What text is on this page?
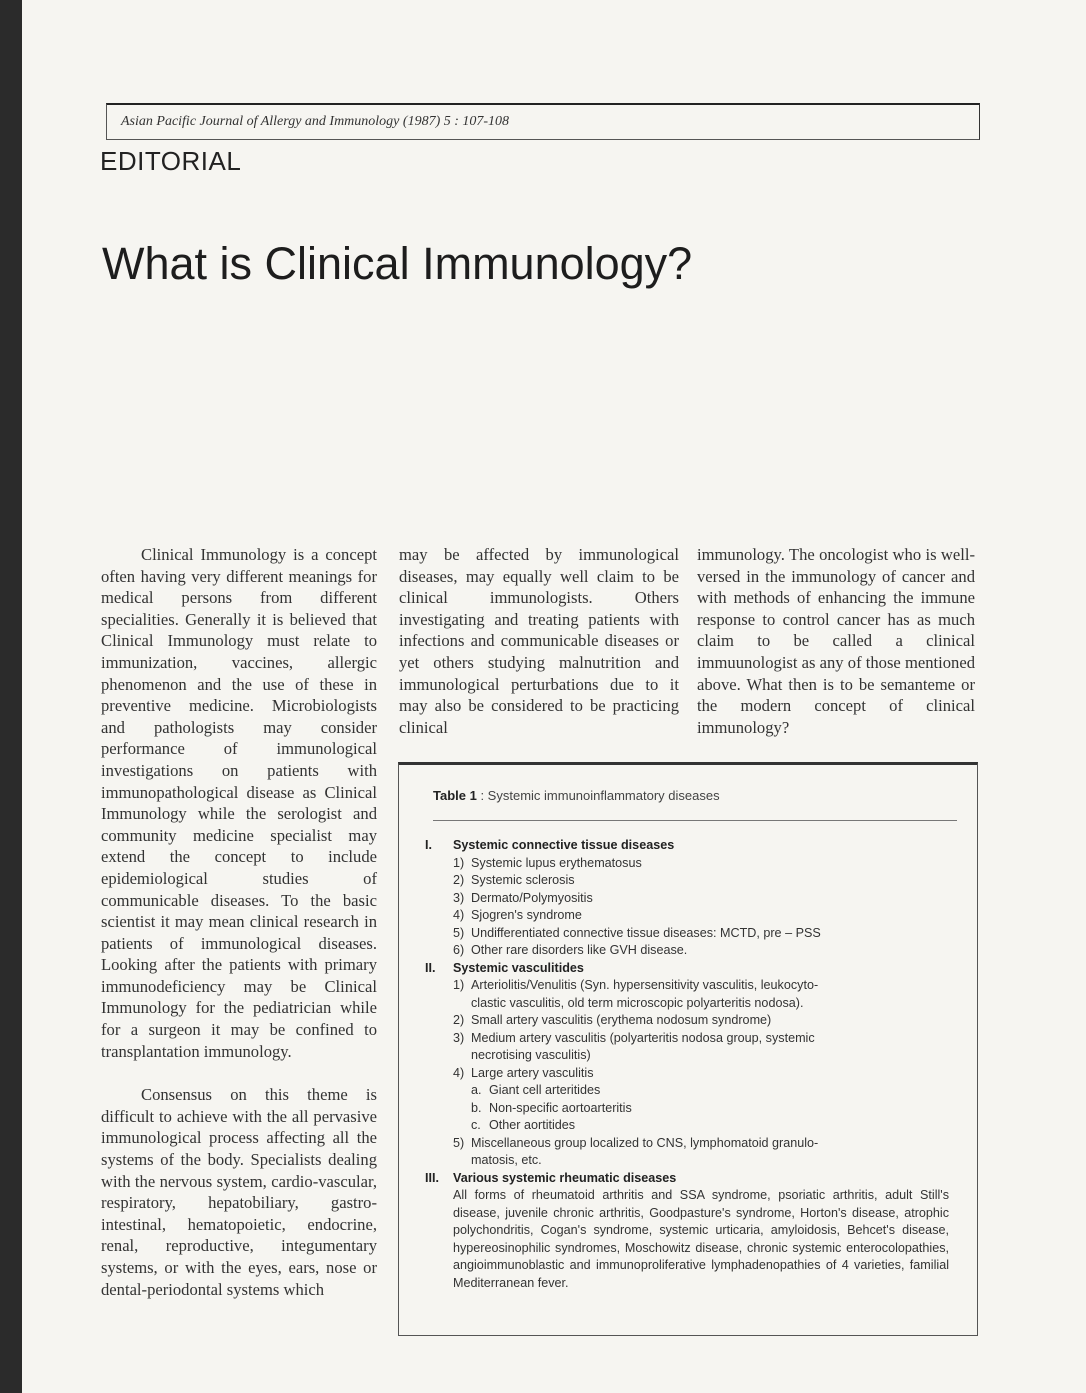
Asian Pacific Journal of Allergy and Immunology (1987) 5 : 107-108
EDITORIAL
What is Clinical Immunology?

Clinical Immunology is a concept often having very different meanings for medical persons from different specialities. Generally it is believed that Clinical Immunology must relate to immunization, vaccines, allergic phenomenon and the use of these in preventive medicine. Microbiologists and pathologists may consider performance of immunological investigations on patients with immunopathological disease as Clinical Immunology while the serologist and community medicine specialist may extend the concept to include epidemiological studies of communicable diseases. To the basic scientist it may mean clinical research in patients of immunological diseases. Looking after the patients with primary immunodeficiency may be Clinical Immunology for the pediatrician while for a surgeon it may be confined to transplantation immunology.

Consensus on this theme is difficult to achieve with the all pervasive immunological process affecting all the systems of the body. Specialists dealing with the nervous system, cardio-vascular, respiratory, hepatobiliary, gastro-intestinal, hematopoietic, endocrine, renal, reproductive, integumentary systems, or with the eyes, ears, nose or dental-periodontal systems which

may be affected by immunological diseases, may equally well claim to be clinical immunologists. Others investigating and treating patients with infections and communicable diseases or yet others studying malnutrition and immunological perturbations due to it may also be considered to be practicing clinical

immunology. The oncologist who is well-versed in the immunology of cancer and with methods of enhancing the immune response to control cancer has as much claim to be called a clinical immuunologist as any of those mentioned above. What then is to be semanteme or the modern concept of clinical immunology?

Table 1 : Systemic immunoinflammatory diseases
I. Systemic connective tissue diseases
1) Systemic lupus erythematosus
2) Systemic sclerosis
3) Dermato/Polymyositis
4) Sjogren's syndrome
5) Undifferentiated connective tissue diseases: MCTD, pre – PSS
6) Other rare disorders like GVH disease.
II. Systemic vasculitides
1) Arteriolitis/Venulitis (Syn. hypersensitivity vasculitis, leukocyto-
clastic vasculitis, old term microscopic polyarteritis nodosa).
2) Small artery vasculitis (erythema nodosum syndrome)
3) Medium artery vasculitis (polyarteritis nodosa group, systemic
necrotising vasculitis)
4) Large artery vasculitis
a. Giant cell arteritides
b. Non-specific aortoarteritis
c. Other aortitides
5) Miscellaneous group localized to CNS, lymphomatoid granulo-
matosis, etc.
III. Various systemic rheumatic diseases
All forms of rheumatoid arthritis and SSA syndrome, psoriatic arthritis, adult Still's disease, juvenile chronic arthritis, Goodpasture's syndrome, Horton's disease, atrophic polychondritis, Cogan's syndrome, systemic urticaria, amyloidosis, Behcet's disease, hypereosinophilic syndromes, Moschowitz disease, chronic systemic enterocolopathies, angioimmunoblastic and immunoproliferative lymphadenopathies of 4 varieties, familial Mediterranean fever.
